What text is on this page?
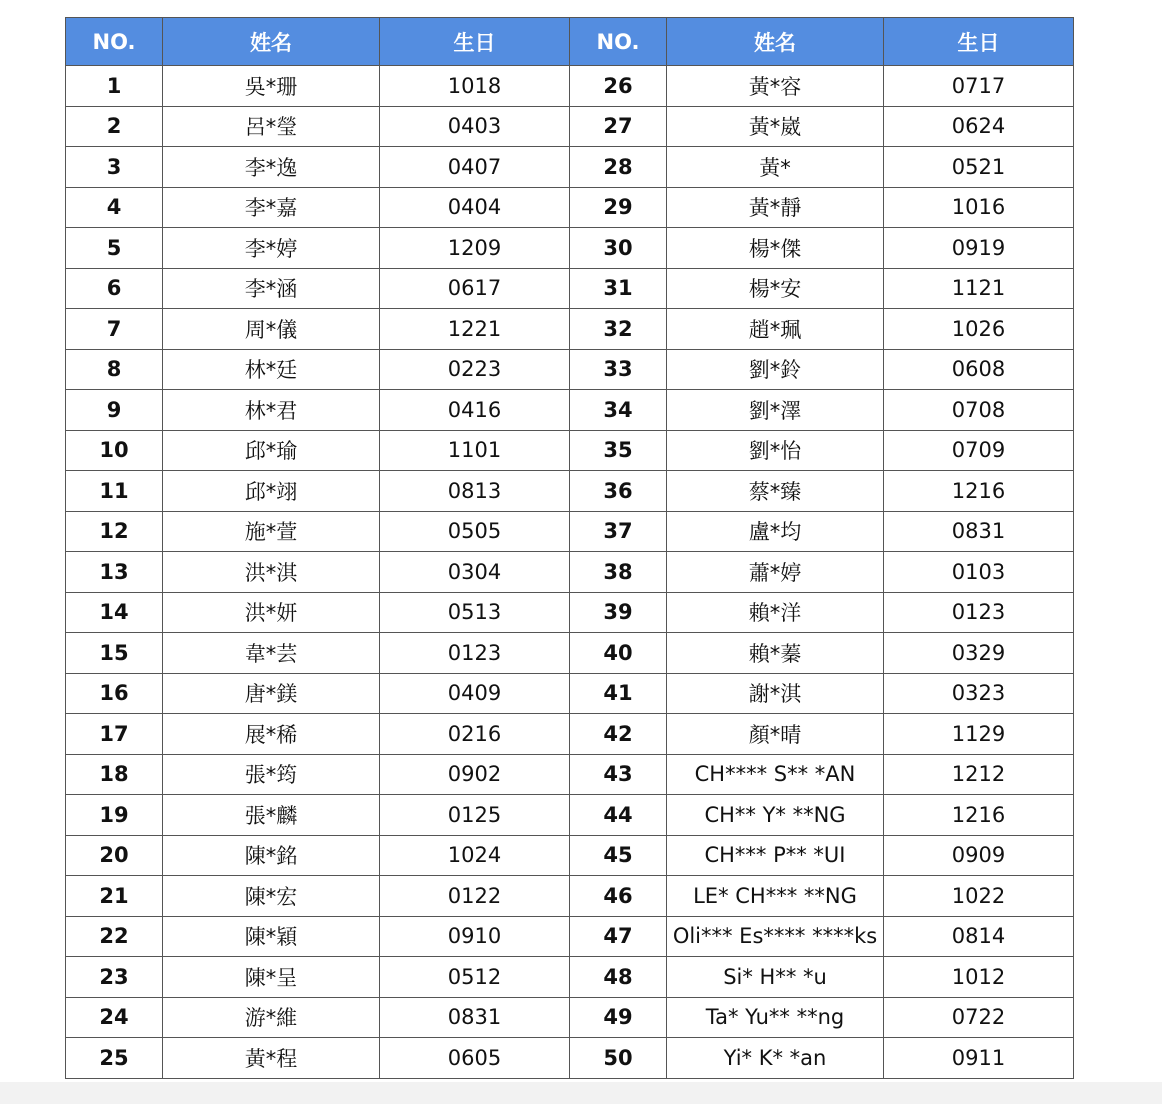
NO.	姓名	生日	NO.	姓名	生日
1	吳*珊	1018	26	黃*容	0717
2	呂*瑩	0403	27	黃*崴	0624
3	李*逸	0407	28	黃*	0521
4	李*嘉	0404	29	黃*靜	1016
5	李*婷	1209	30	楊*傑	0919
6	李*涵	0617	31	楊*安	1121
7	周*儀	1221	32	趙*珮	1026
8	林*廷	0223	33	劉*鈴	0608
9	林*君	0416	34	劉*澤	0708
10	邱*瑜	1101	35	劉*怡	0709
11	邱*翊	0813	36	蔡*臻	1216
12	施*萱	0505	37	盧*均	0831
13	洪*淇	0304	38	蕭*婷	0103
14	洪*妍	0513	39	賴*洋	0123
15	韋*芸	0123	40	賴*蓁	0329
16	唐*鎂	0409	41	謝*淇	0323
17	展*稀	0216	42	顏*晴	1129
18	張*筠	0902	43	CH**** S** *AN	1212
19	張*麟	0125	44	CH** Y* **NG	1216
20	陳*銘	1024	45	CH*** P** *UI	0909
21	陳*宏	0122	46	LE* CH*** **NG	1022
22	陳*穎	0910	47	Oli*** Es**** ****ks	0814
23	陳*呈	0512	48	Si* H** *u	1012
24	游*維	0831	49	Ta* Yu** **ng	0722
25	黃*程	0605	50	Yi* K* *an	0911
